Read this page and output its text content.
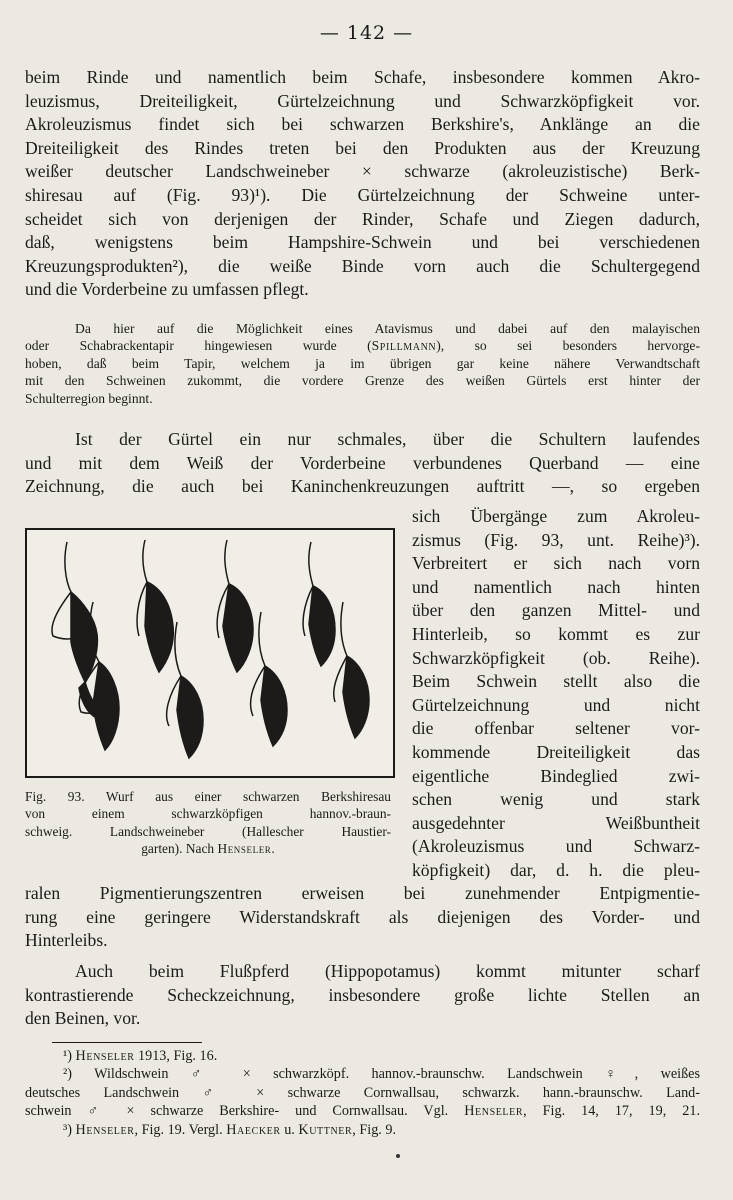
— 142 —
beim Rinde und namentlich beim Schafe, insbesondere kommen Akro-
leuzismus, Dreiteiligkeit, Gürtelzeichnung und Schwarzköpfigkeit vor.
Akroleuzismus findet sich bei schwarzen Berkshire's, Anklänge an die
Dreiteiligkeit des Rindes treten bei den Produkten aus der Kreuzung
weißer deutscher Landschweineber × schwarze (akroleuzistische) Berk-
shiresau auf (Fig. 93)¹). Die Gürtelzeichnung der Schweine unter-
scheidet sich von derjenigen der Rinder, Schafe und Ziegen dadurch,
daß, wenigstens beim Hampshire-Schwein und bei verschiedenen
Kreuzungsprodukten²), die weiße Binde vorn auch die Schultergegend
und die Vorderbeine zu umfassen pflegt.
Da hier auf die Möglichkeit eines Atavismus und dabei auf den malayischen
oder Schabrackentapir hingewiesen wurde (Spillmann), so sei besonders hervorge-
hoben, daß beim Tapir, welchem ja im übrigen gar keine nähere Verwandtschaft
mit den Schweinen zukommt, die vordere Grenze des weißen Gürtels erst hinter der
Schulterregion beginnt.
Ist der Gürtel ein nur schmales, über die Schultern laufendes
und mit dem Weiß der Vorderbeine verbundenes Querband — eine
Zeichnung, die auch bei Kaninchenkreuzungen auftritt —, so ergeben
sich Übergänge zum Akroleu-
zismus (Fig. 93, unt. Reihe)³).
Verbreitert er sich nach vorn
und namentlich nach hinten
über den ganzen Mittel- und
Hinterleib, so kommt es zur
Schwarzköpfigkeit (ob. Reihe).
Beim Schwein stellt also die
Gürtelzeichnung und nicht
die offenbar seltener vor-
kommende Dreiteiligkeit das
eigentliche Bindeglied zwi-
schen wenig und stark
ausgedehnter Weißbuntheit
(Akroleuzismus und Schwarz-
köpfigkeit) dar, d. h. die pleu-
Fig. 93. Wurf aus einer schwarzen Berkshiresau
von einem schwarzköpfigen hannov.-braun-
schweig. Landschweineber (Hallescher Haustier-
garten). Nach Henseler.
ralen Pigmentierungszentren erweisen bei zunehmender Entpigmentie-
rung eine geringere Widerstandskraft als diejenigen des Vorder- und
Hinterleibs.
Auch beim Flußpferd (Hippopotamus) kommt mitunter scharf
kontrastierende Scheckzeichnung, insbesondere große lichte Stellen an
den Beinen, vor.
¹) Henseler 1913, Fig. 16.
²) Wildschwein ♂ × schwarzköpf. hannov.-braunschw. Landschwein ♀, weißes
deutsches Landschwein ♂ × schwarze Cornwallsau, schwarzk. hann.-braunschw. Land-
schwein ♂ × schwarze Berkshire- und Cornwallsau. Vgl. Henseler, Fig. 14, 17, 19, 21.
³) Henseler, Fig. 19. Vergl. Haecker u. Kuttner, Fig. 9.
